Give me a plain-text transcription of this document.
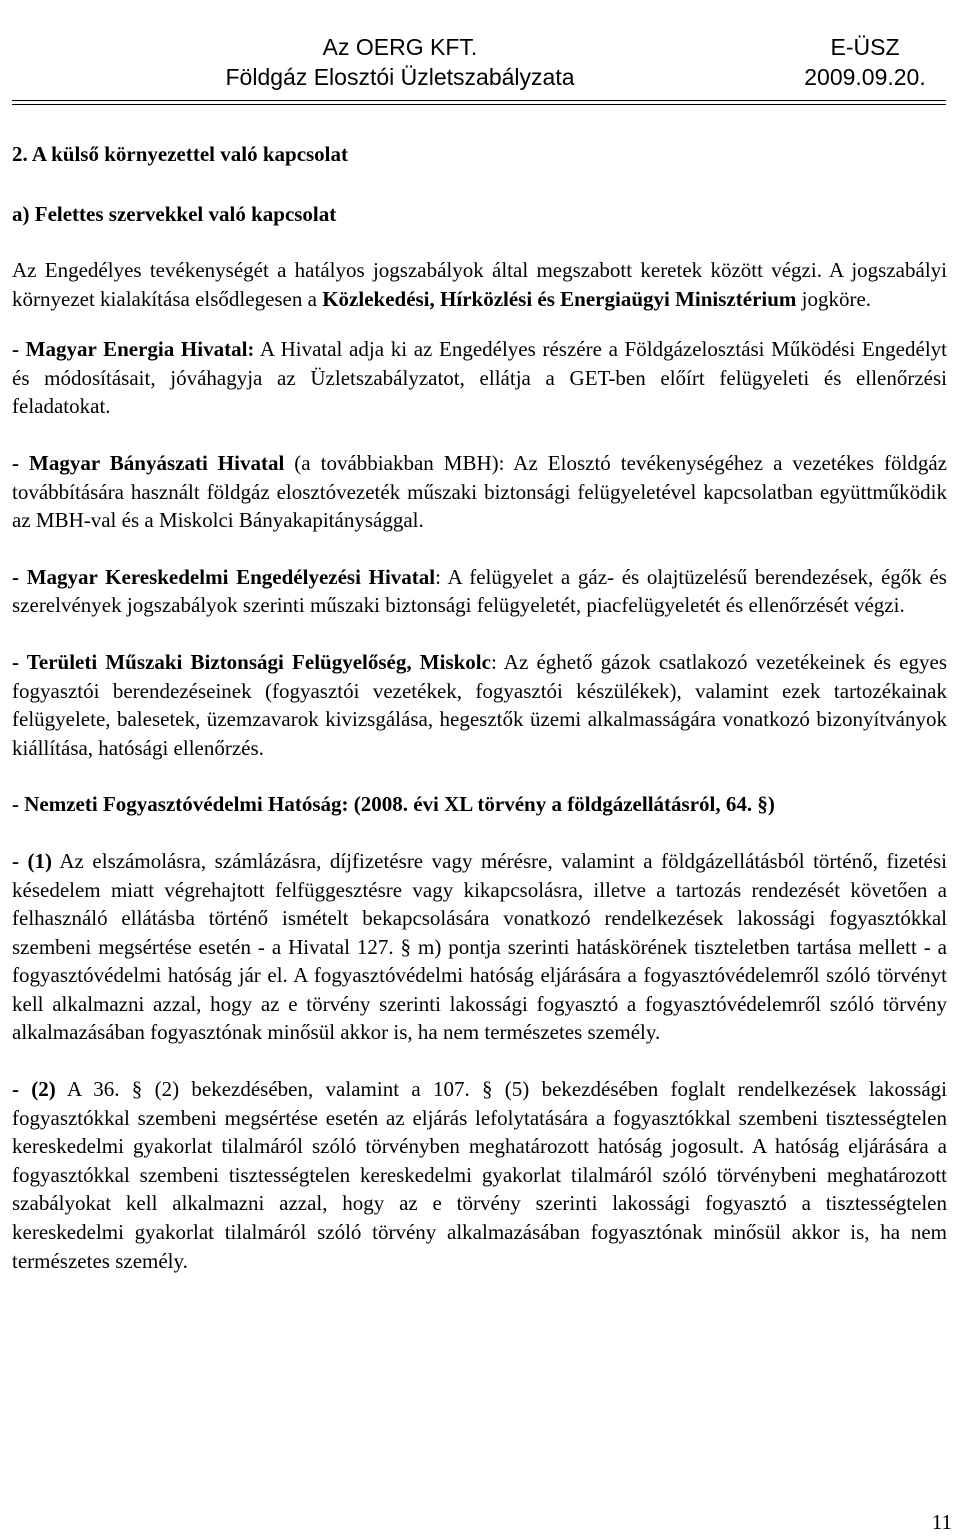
Az OERG KFT.
Földgáz Elosztói Üzletszabályzata
E-ÜSZ
2009.09.20.
2. A külső környezettel való kapcsolat
a) Felettes szervekkel való kapcsolat

Az Engedélyes tevékenységét a hatályos jogszabályok által megszabott keretek között végzi. A jogszabályi környezet kialakítása elsődlegesen a Közlekedési, Hírközlési és Energiaügyi Minisztérium jogköre.

- Magyar Energia Hivatal: A Hivatal adja ki az Engedélyes részére a Földgázelosztási Működési Engedélyt és módosításait, jóváhagyja az Üzletszabályzatot, ellátja a GET-ben előírt felügyeleti és ellenőrzési feladatokat.

- Magyar Bányászati Hivatal (a továbbiakban MBH): Az Elosztó tevékenységéhez a vezetékes földgáz továbbítására használt földgáz elosztóvezeték műszaki biztonsági felügyeletével kapcsolatban együttműködik az MBH-val és a Miskolci Bányakapitánysággal.

- Magyar Kereskedelmi Engedélyezési Hivatal: A felügyelet a gáz- és olajtüzelésű berendezések, égők és szerelvények jogszabályok szerinti műszaki biztonsági felügyeletét, piacfelügyeletét és ellenőrzését végzi.

- Területi Műszaki Biztonsági Felügyelőség, Miskolc: Az éghető gázok csatlakozó vezetékeinek és egyes fogyasztói berendezéseinek (fogyasztói vezetékek, fogyasztói készülékek), valamint ezek tartozékainak felügyelete, balesetek, üzemzavarok kivizsgálása, hegesztők üzemi alkalmasságára vonatkozó bizonyítványok kiállítása, hatósági ellenőrzés.

- Nemzeti Fogyasztóvédelmi Hatóság: (2008. évi XL törvény a földgázellátásról, 64. §)

- (1) Az elszámolásra, számlázásra, díjfizetésre vagy mérésre, valamint a földgázellátásból történő, fizetési késedelem miatt végrehajtott felfüggesztésre vagy kikapcsolásra, illetve a tartozás rendezését követően a felhasználó ellátásba történő ismételt bekapcsolására vonatkozó rendelkezések lakossági fogyasztókkal szembeni megsértése esetén - a Hivatal 127. § m) pontja szerinti hatáskörének tiszteletben tartása mellett - a fogyasztóvédelmi hatóság jár el. A fogyasztóvédelmi hatóság eljárására a fogyasztóvédelemről szóló törvényt kell alkalmazni azzal, hogy az e törvény szerinti lakossági fogyasztó a fogyasztóvédelemről szóló törvény alkalmazásában fogyasztónak minősül akkor is, ha nem természetes személy.

- (2) A 36. § (2) bekezdésében, valamint a 107. § (5) bekezdésében foglalt rendelkezések lakossági fogyasztókkal szembeni megsértése esetén az eljárás lefolytatására a fogyasztókkal szembeni tisztességtelen kereskedelmi gyakorlat tilalmáról szóló törvényben meghatározott hatóság jogosult. A hatóság eljárására a fogyasztókkal szembeni tisztességtelen kereskedelmi gyakorlat tilalmáról szóló törvénybeni meghatározott szabályokat kell alkalmazni azzal, hogy az e törvény szerinti lakossági fogyasztó a tisztességtelen kereskedelmi gyakorlat tilalmáról szóló törvény alkalmazásában fogyasztónak minősül akkor is, ha nem természetes személy.

11
